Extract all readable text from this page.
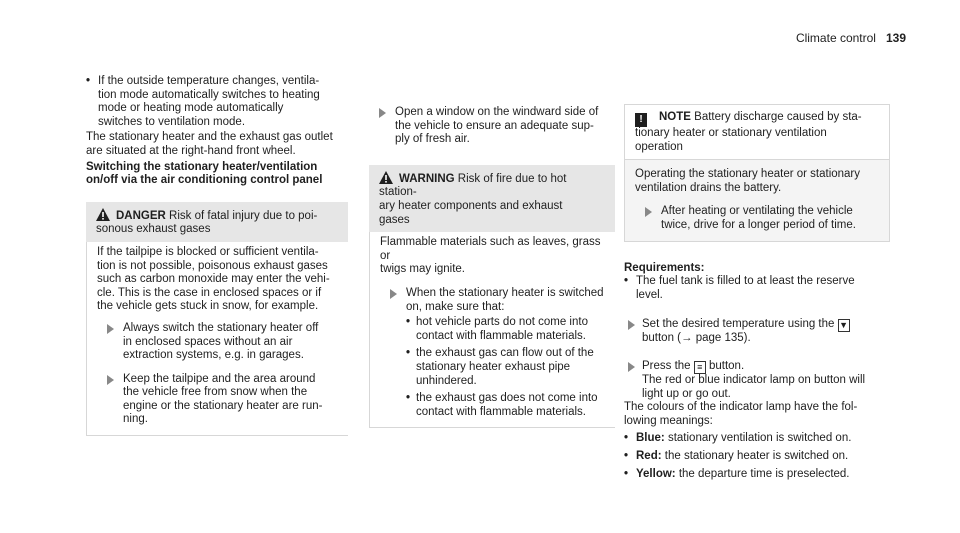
Climate control 139

• If the outside temperature changes, ventila-
tion mode automatically switches to heating
mode or heating mode automatically
switches to ventilation mode.

The stationary heater and the exhaust gas outlet
are situated at the right-hand front wheel.

Switching the stationary heater/ventilation
on/off via the air conditioning control panel

DANGER Risk of fatal injury due to poi-
sonous exhaust gases

If the tailpipe is blocked or sufficient ventila-
tion is not possible, poisonous exhaust gases
such as carbon monoxide may enter the vehi-
cle. This is the case in enclosed spaces or if
the vehicle gets stuck in snow, for example.

Always switch the stationary heater off
in enclosed spaces without an air
extraction systems, e.g. in garages.

Keep the tailpipe and the area around
the vehicle free from snow when the
engine or the stationary heater are run-
ning.

Open a window on the windward side of
the vehicle to ensure an adequate sup-
ply of fresh air.

WARNING Risk of fire due to hot station-
ary heater components and exhaust
gases

Flammable materials such as leaves, grass or
twigs may ignite.

When the stationary heater is switched
on, make sure that:

• hot vehicle parts do not come into
contact with flammable materials.

• the exhaust gas can flow out of the
stationary heater exhaust pipe
unhindered.

• the exhaust gas does not come into
contact with flammable materials.

! NOTE Battery discharge caused by sta-
tionary heater or stationary ventilation
operation

Operating the stationary heater or stationary
ventilation drains the battery.

After heating or ventilating the vehicle
twice, drive for a longer period of time.

Requirements:

• The fuel tank is filled to at least the reserve
level.

Set the desired temperature using the ▼
button (→ page 135).

Press the ≡ button.
The red or blue indicator lamp on button will
light up or go out.

The colours of the indicator lamp have the fol-
lowing meanings:

• Blue: stationary ventilation is switched on.

• Red: the stationary heater is switched on.

• Yellow: the departure time is preselected.
